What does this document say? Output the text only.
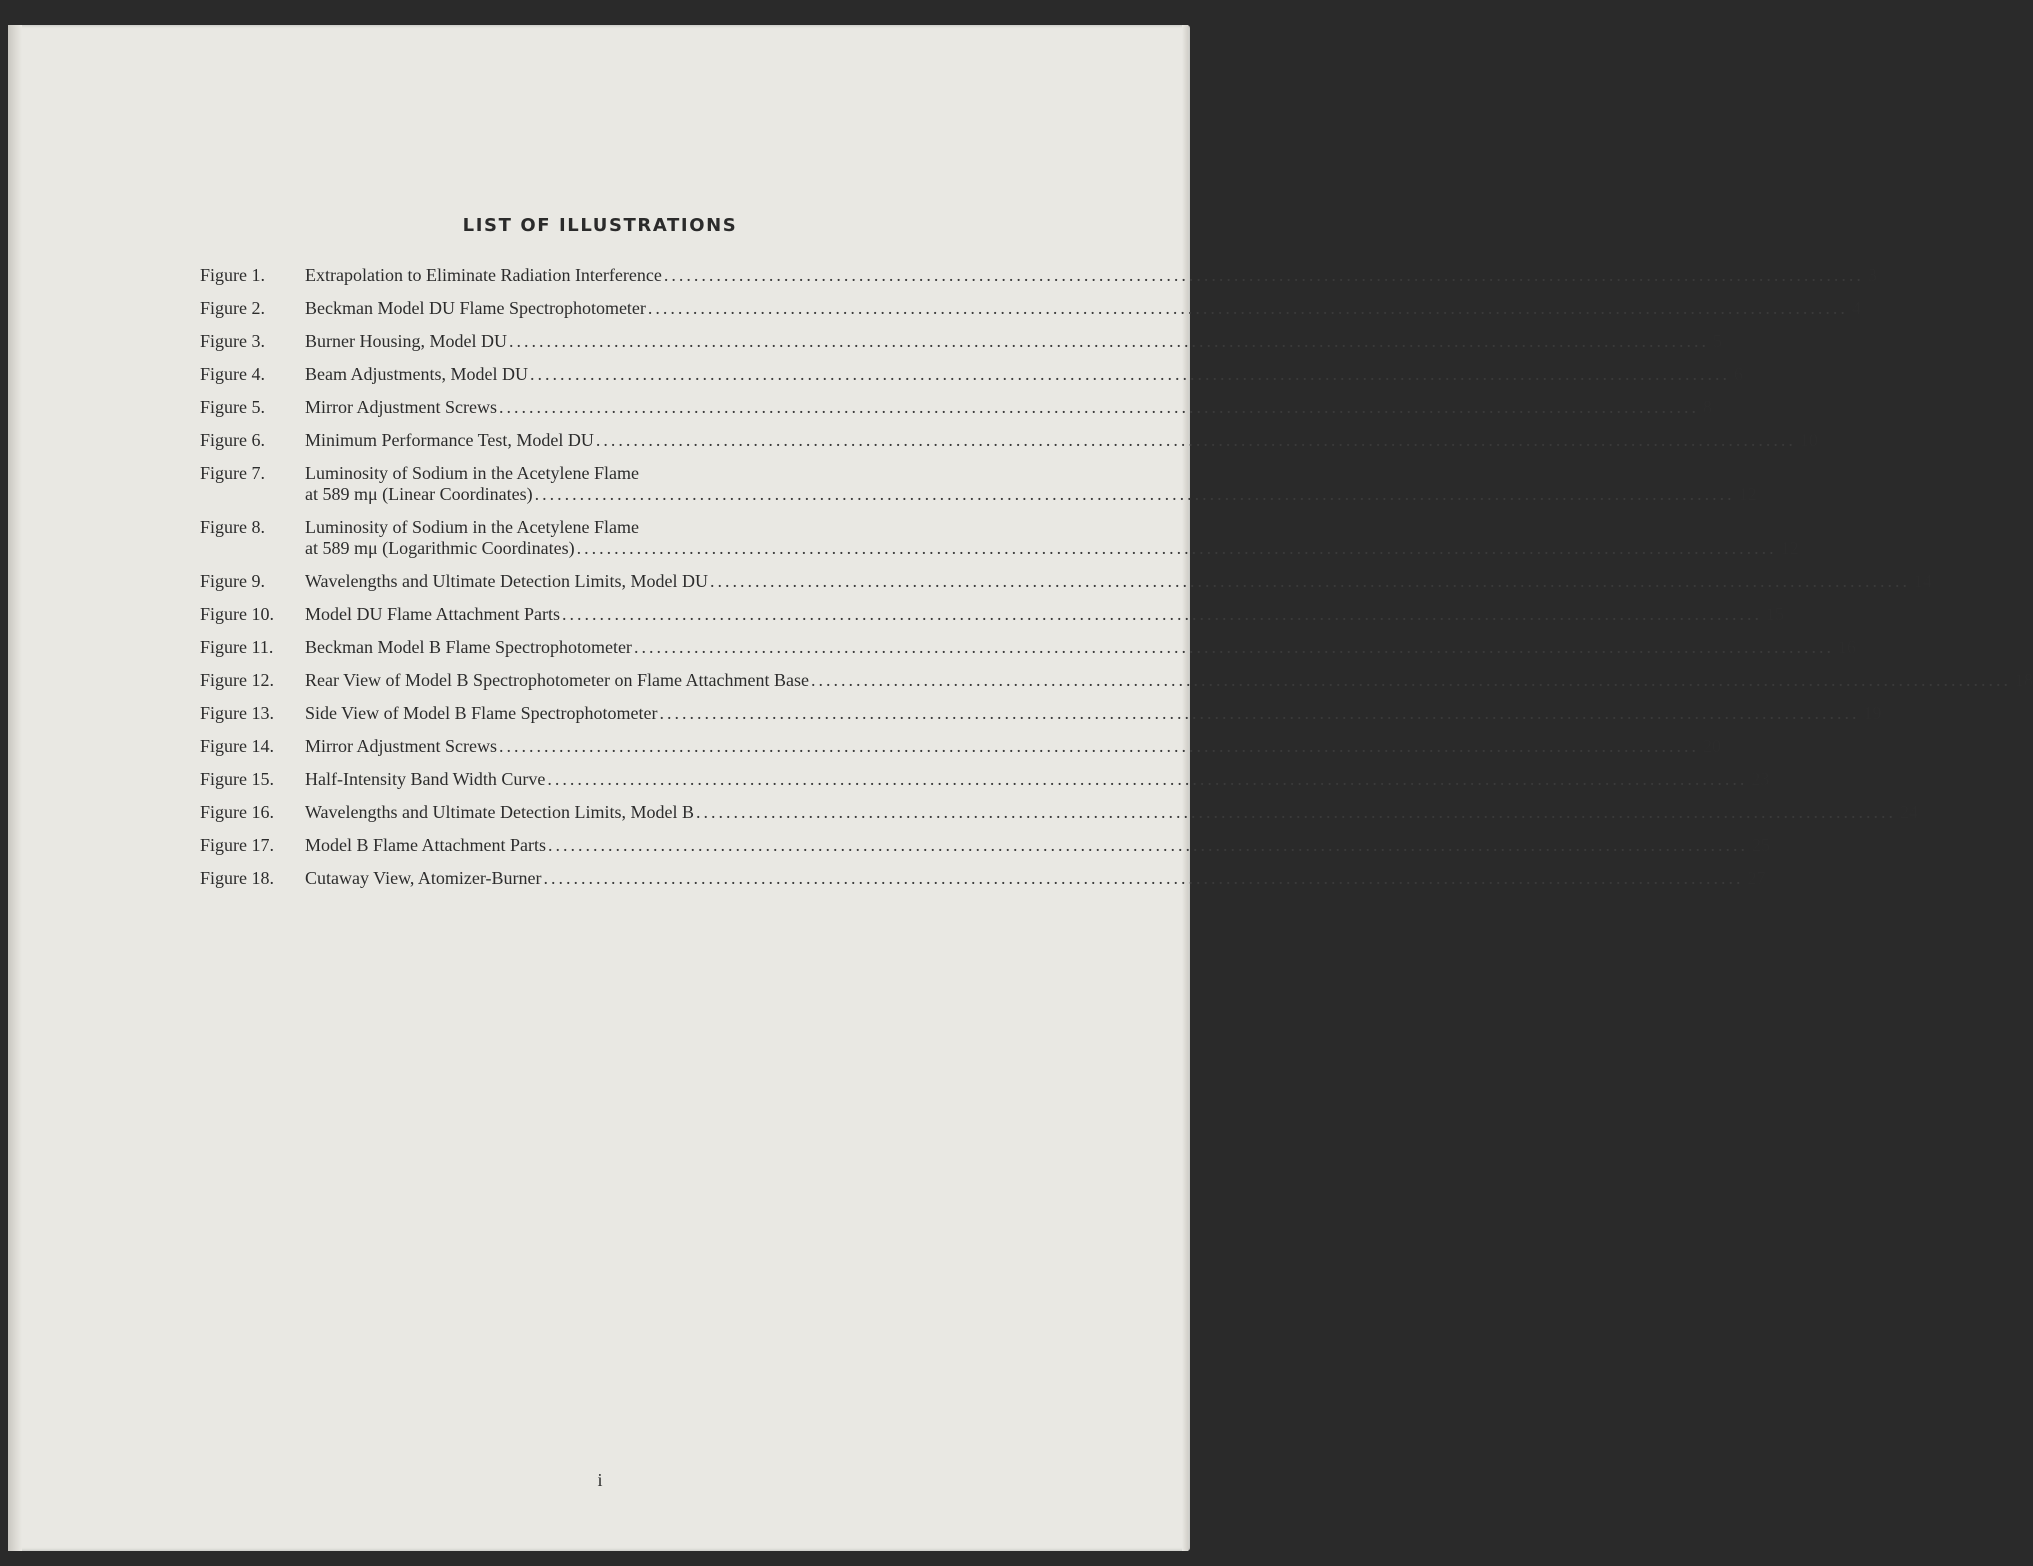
LIST OF ILLUSTRATIONS
Figure 1.	Extrapolation to Eliminate Radiation Interference ................................................................................................................................................................ 3
Figure 2.	Beckman Model DU Flame Spectrophotometer ................................................................................................................................................................ 4
Figure 3.	Burner Housing, Model DU ................................................................................................................................................................ 5
Figure 4.	Beam Adjustments, Model DU ................................................................................................................................................................ 6
Figure 5.	Mirror Adjustment Screws ................................................................................................................................................................ 8
Figure 6.	Minimum Performance Test, Model DU ................................................................................................................................................................ 10
Figure 7.	Luminosity of Sodium in the Acetylene Flame
at 589 mμ (Linear Coordinates) ................................................................................................................................................................ 12
Figure 8.	Luminosity of Sodium in the Acetylene Flame
at 589 mμ (Logarithmic Coordinates) ................................................................................................................................................................ 12
Figure 9.	Wavelengths and Ultimate Detection Limits, Model DU ................................................................................................................................................................ 14
Figure 10.	Model DU Flame Attachment Parts ................................................................................................................................................................ 15
Figure 11.	Beckman Model B Flame Spectrophotometer ................................................................................................................................................................ 16
Figure 12.	Rear View of Model B Spectrophotometer on Flame Attachment Base ................................................................................................................................................................ 18
Figure 13.	Side View of Model B Flame Spectrophotometer ................................................................................................................................................................ 19
Figure 14.	Mirror Adjustment Screws ................................................................................................................................................................ 20
Figure 15.	Half-Intensity Band Width Curve ................................................................................................................................................................ 23
Figure 16.	Wavelengths and Ultimate Detection Limits, Model B ................................................................................................................................................................ 24
Figure 17.	Model B Flame Attachment Parts ................................................................................................................................................................ 25
Figure 18.	Cutaway View, Atomizer-Burner ................................................................................................................................................................ 27
i
